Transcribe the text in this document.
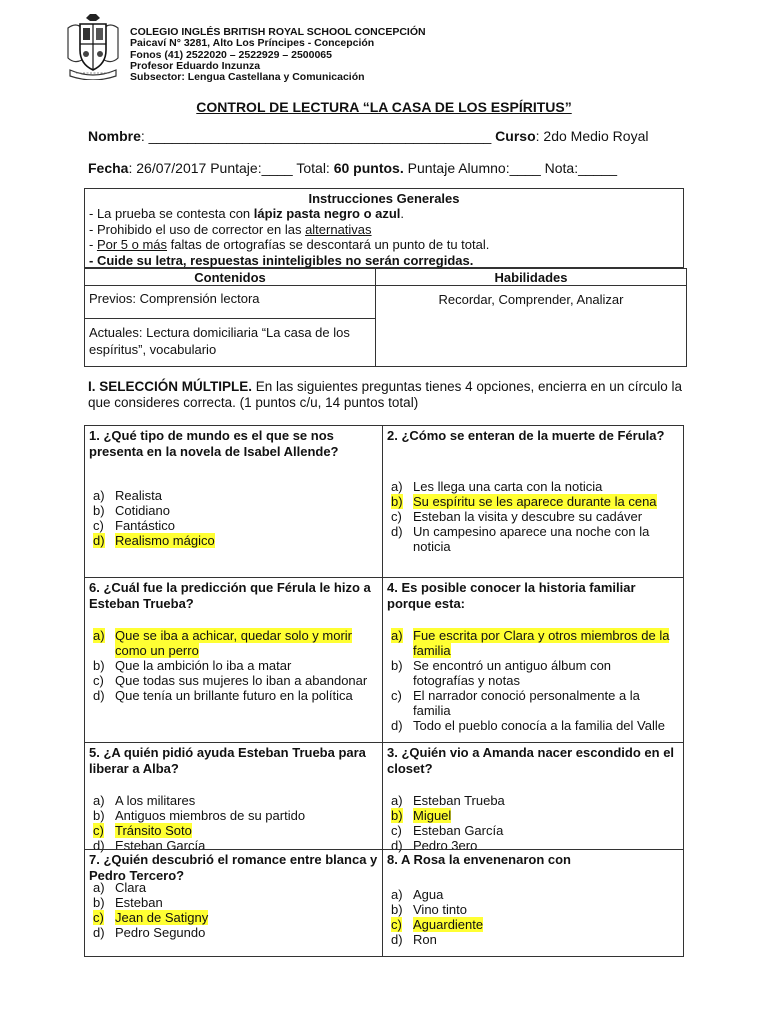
COLEGIO INGLÉS BRITISH ROYAL SCHOOL CONCEPCIÓN
Paicaví N° 3281, Alto Los Príncipes - Concepción
Fonos (41) 2522020 – 2522929 – 2500065
Profesor Eduardo Inzunza
Subsector: Lengua Castellana y Comunicación
CONTROL DE LECTURA “LA CASA DE LOS ESPÍRITUS”
Nombre: ____________________________________________ Curso: 2do Medio Royal
Fecha: 26/07/2017 Puntaje:____ Total: 60 puntos. Puntaje Alumno:____ Nota:_____
Instrucciones Generales
- La prueba se contesta con lápiz pasta negro o azul.
- Prohibido el uso de corrector en las alternativas
- Por 5 o más faltas de ortografías se descontará un punto de tu total.
- Cuide su letra, respuestas ininteligibles no serán corregidas.
Contenidos	Habilidades
Previos: Comprensión lectora
Actuales: Lectura domiciliaria “La casa de los espíritus”, vocabulario
Recordar, Comprender, Analizar
I. SELECCIÓN MÚLTIPLE. En las siguientes preguntas tienes 4 opciones, encierra en un círculo la que consideres correcta. (1 puntos c/u, 14 puntos total)
1. ¿Qué tipo de mundo es el que se nos presenta en la novela de Isabel Allende?
a) Realista
b) Cotidiano
c) Fantástico
d) Realismo mágico
2. ¿Cómo se enteran de la muerte de Férula?
a) Les llega una carta con la noticia
b) Su espíritu se les aparece durante la cena
c) Esteban la visita y descubre su cadáver
d) Un campesino aparece una noche con la noticia
6. ¿Cuál fue la predicción que Férula le hizo a Esteban Trueba?
a) Que se iba a achicar, quedar solo y morir como un perro
b) Que la ambición lo iba a matar
c) Que todas sus mujeres lo iban a abandonar
d) Que tenía un brillante futuro en la política
4. Es posible conocer la historia familiar porque esta:
a) Fue escrita por Clara y otros miembros de la familia
b) Se encontró un antiguo álbum con fotografías y notas
c) El narrador conoció personalmente a la familia
d) Todo el pueblo conocía a la familia del Valle
5. ¿A quién pidió ayuda Esteban Trueba para liberar a Alba?
a) A los militares
b) Antiguos miembros de su partido
c) Tránsito Soto
d) Esteban García
3. ¿Quién vio a Amanda nacer escondido en el closet?
a) Esteban Trueba
b) Miguel
c) Esteban García
d) Pedro 3ero
7. ¿Quién descubrió el romance entre blanca y Pedro Tercero?
a) Clara
b) Esteban
c) Jean de Satigny
d) Pedro Segundo
8. A Rosa la envenenaron con
a) Agua
b) Vino tinto
c) Aguardiente
d) Ron
